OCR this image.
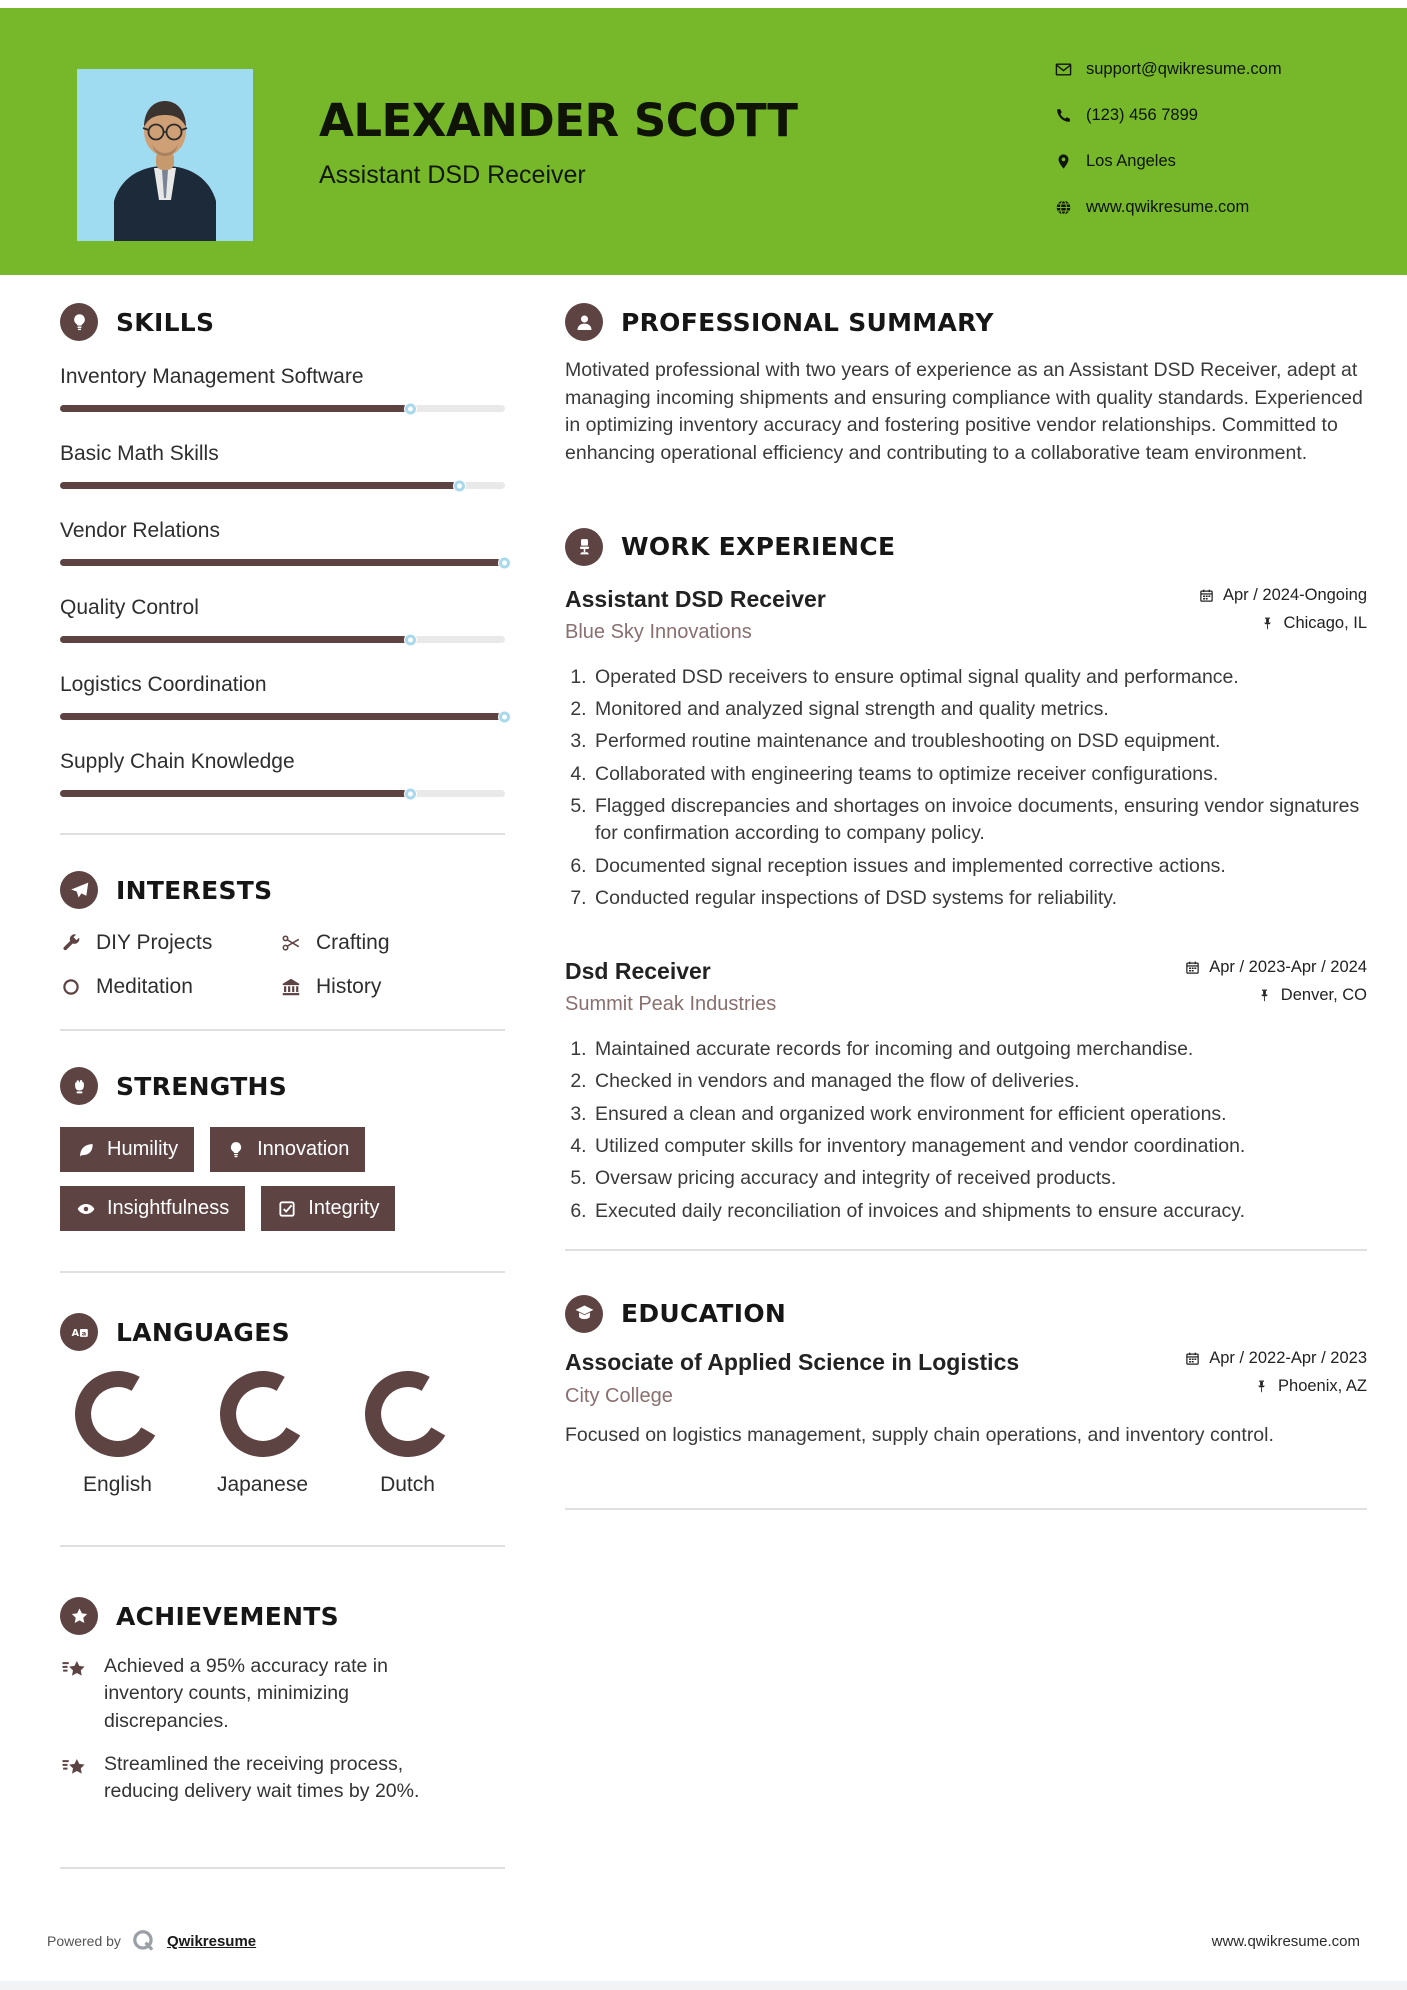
ALEXANDER SCOTT
Assistant DSD Receiver
support@qwikresume.com
(123) 456 7899
Los Angeles
www.qwikresume.com
SKILLS
Inventory Management Software
Basic Math Skills
Vendor Relations
Quality Control
Logistics Coordination
Supply Chain Knowledge
INTERESTS
DIY Projects	Crafting
Meditation	History
STRENGTHS
Humility	Innovation
Insightfulness	Integrity
A a LANGUAGES
English	Japanese	Dutch
ACHIEVEMENTS
Achieved a 95% accuracy rate in inventory counts, minimizing discrepancies.
Streamlined the receiving process, reducing delivery wait times by 20%.
PROFESSIONAL SUMMARY

Motivated professional with two years of experience as an Assistant DSD Receiver, adept at managing incoming shipments and ensuring compliance with quality standards. Experienced in optimizing inventory accuracy and fostering positive vendor relationships. Committed to enhancing operational efficiency and contributing to a collaborative team environment.

WORK EXPERIENCE
Assistant DSD Receiver
Blue Sky Innovations
Apr / 2024-Ongoing
Chicago, IL
1. Operated DSD receivers to ensure optimal signal quality and performance.
2. Monitored and analyzed signal strength and quality metrics.
3. Performed routine maintenance and troubleshooting on DSD equipment.
4. Collaborated with engineering teams to optimize receiver configurations.
5. Flagged discrepancies and shortages on invoice documents, ensuring vendor signatures for confirmation according to company policy.
6. Documented signal reception issues and implemented corrective actions.
7. Conducted regular inspections of DSD systems for reliability.
Dsd Receiver
Summit Peak Industries
Apr / 2023-Apr / 2024
Denver, CO
1. Maintained accurate records for incoming and outgoing merchandise.
2. Checked in vendors and managed the flow of deliveries.
3. Ensured a clean and organized work environment for efficient operations.
4. Utilized computer skills for inventory management and vendor coordination.
5. Oversaw pricing accuracy and integrity of received products.
6. Executed daily reconciliation of invoices and shipments to ensure accuracy.
EDUCATION
Associate of Applied Science in Logistics
City College
Apr / 2022-Apr / 2023
Phoenix, AZ

Focused on logistics management, supply chain operations, and inventory control.

Powered by	Qwikresume	www.qwikresume.com
